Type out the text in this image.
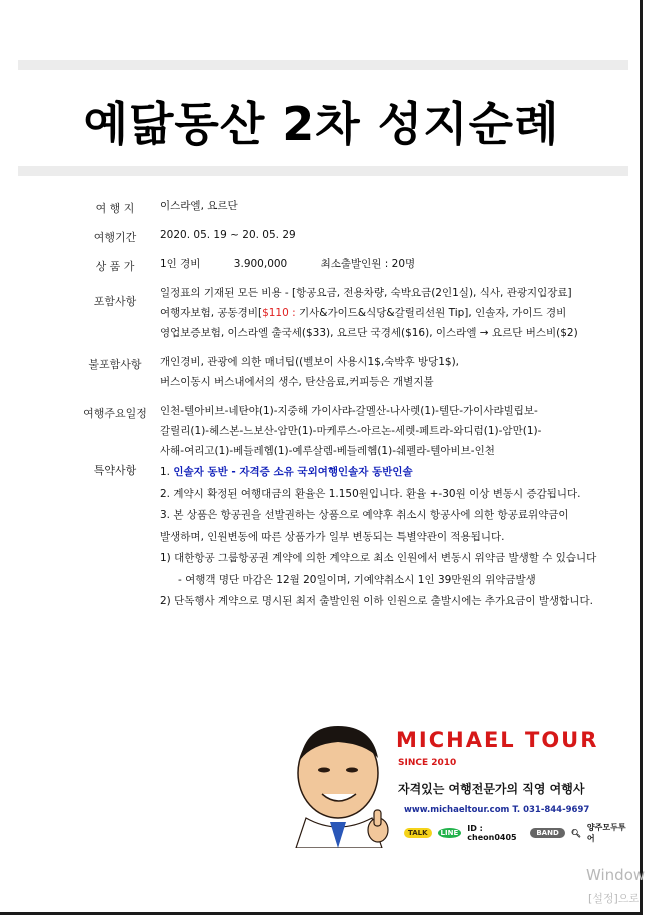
예닮동산 2차 성지순례
여 행 지	이스라엘, 요르단
여행기간	2020. 05. 19 ~ 20. 05. 29
상 품 가	1인 경비	3.900,000	최소출발인원 : 20명
포함사항
일정표의 기재된 모든 비용 - [항공요금, 전용차량, 숙박요금(2인1실), 식사, 관광지입장료]
여행자보험, 공동경비[$110 : 기사&가이드&식당&갈릴리선원 Tip], 인솔자, 가이드 경비
영업보증보험, 이스라엘 출국세($33), 요르단 국경세($16), 이스라엘 → 요르단 버스비($2)
불포함사항	개인경비, 관광에 의한 매너팁((벨보이 사용시1$,숙박후 방당1$),
버스이동시 버스내에서의 생수, 탄산음료,커피등은 개별지불
여행주요일정	인천-텔아비브-네탄야(1)-지중해 가이사랴-갈멜산-나사렛(1)-텔단-가이사랴빌립보-
갈릴리(1)-헤스본-느보산-암만(1)-마케루스-아르논-세렛-페트라-와디럼(1)-암만(1)-
사해-여리고(1)-베들레헴(1)-예루살렘-베들레헴(1)-쉐펠라-텔아비브-인천
특약사항	1. 인솔자 동반 - 자격증 소유 국외여행인솔자 동반인솔
2. 계약시 확정된 여행대금의 환율은 1.150원입니다. 환율 +-30원 이상 변동시 증감됩니다.
3. 본 상품은 항공권을 선발권하는 상품으로 예약후 취소시 항공사에 의한 항공료위약금이
발생하며, 인원변동에 따른 상품가가 일부 변동되는 특별약관이 적용됩니다.
1) 대한항공 그룹항공권 계약에 의한 계약으로 최소 인원에서 변동시 위약금 발생할 수 있습니다
- 여행객 명단 마감은 12월 20일이며, 기예약취소시 1인 39만원의 위약금발생
2) 단독행사 계약으로 명시된 최저 출발인원 이하 인원으로 출발시에는 추가요금이 발생합니다.
MICHAEL TOUR
SINCE 2010
자격있는 여행전문가의 직영 여행사
www.michaeltour.com T. 031-844-9697
TALK	LINE	ID : cheon0405	BAND	🔍︎
양주모두투어
Window
[설정]으로
